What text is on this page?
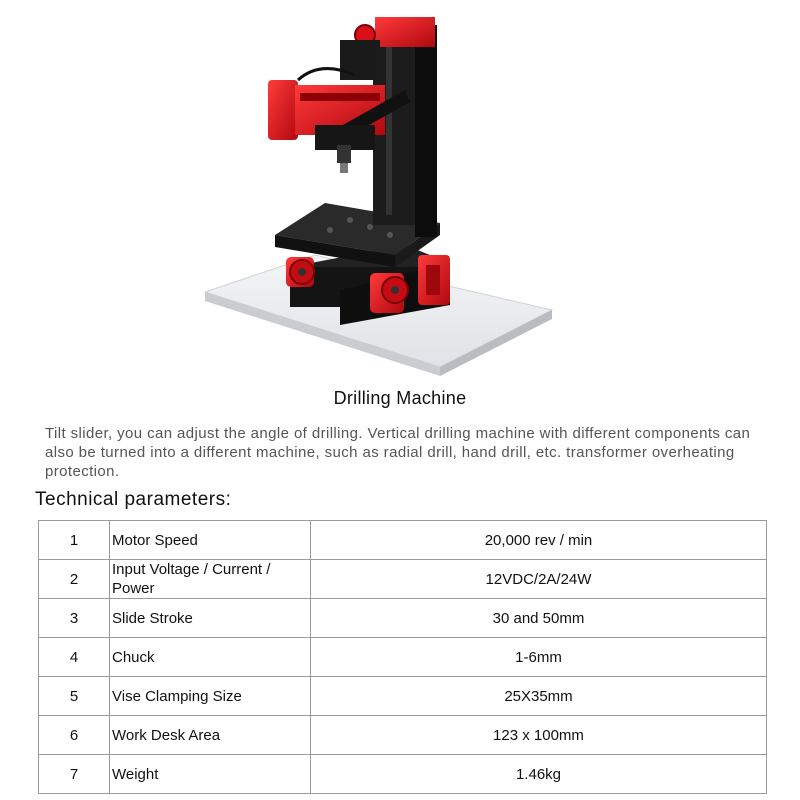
Drilling Machine

Tilt slider, you can adjust the angle of drilling. Vertical drilling machine with different components can also be turned into a different machine, such as radial drill, hand drill, etc. transformer overheating protection.

Technical parameters:
1	Motor Speed	20,000 rev / min
2	Input Voltage / Current / Power	12VDC/2A/24W
3	Slide Stroke	30 and 50mm
4	Chuck	1-6mm
5	Vise Clamping Size	25X35mm
6	Work Desk Area	123 x 100mm
7	Weight	1.46kg
